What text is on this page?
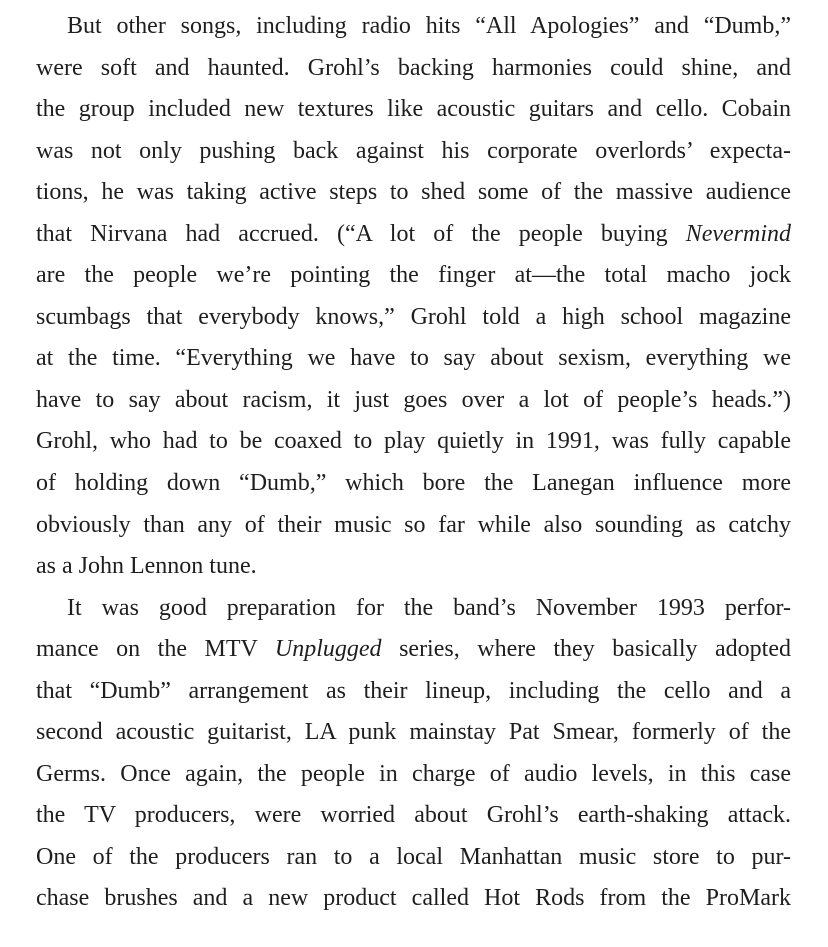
But other songs, including radio hits “All Apologies” and “Dumb,”
were soft and haunted. Grohl’s backing harmonies could shine, and
the group included new textures like acoustic guitars and cello. Cobain
was not only pushing back against his corporate overlords’ expecta-
tions, he was taking active steps to shed some of the massive audience
that Nirvana had accrued. (“A lot of the people buying Nevermind
are the people we’re pointing the finger at—the total macho jock
scumbags that everybody knows,” Grohl told a high school magazine
at the time. “Everything we have to say about sexism, everything we
have to say about racism, it just goes over a lot of people’s heads.”)
Grohl, who had to be coaxed to play quietly in 1991, was fully capable
of holding down “Dumb,” which bore the Lanegan influence more
obviously than any of their music so far while also sounding as catchy
as a John Lennon tune.
It was good preparation for the band’s November 1993 perfor-
mance on the MTV Unplugged series, where they basically adopted
that “Dumb” arrangement as their lineup, including the cello and a
second acoustic guitarist, LA punk mainstay Pat Smear, formerly of the
Germs. Once again, the people in charge of audio levels, in this case
the TV producers, were worried about Grohl’s earth-shaking attack.
One of the producers ran to a local Manhattan music store to pur-
chase brushes and a new product called Hot Rods from the ProMark
